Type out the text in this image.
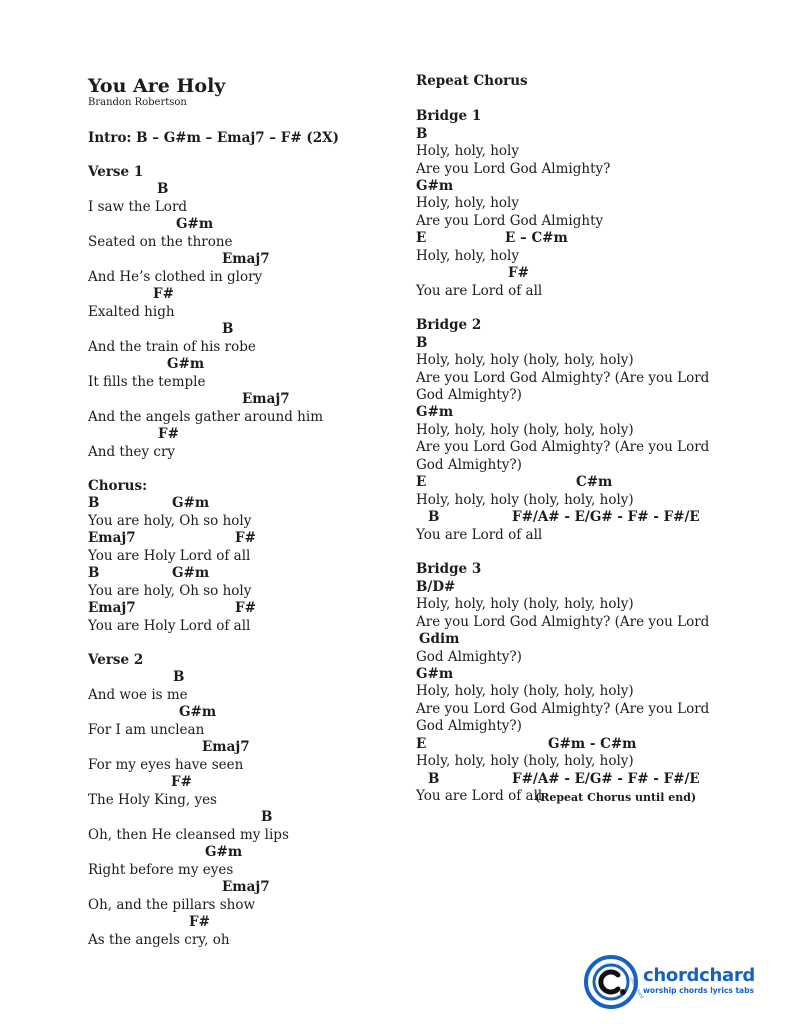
You Are Holy
Brandon Robertson
Intro: B – G#m – Emaj7 – F# (2X)
Verse 1
B
I saw the Lord
G#m
Seated on the throne
Emaj7
And He’s clothed in glory
F#
Exalted high
B
And the train of his robe
G#m
It fills the temple
Emaj7
And the angels gather around him
F#
And they cry
Chorus:
B	G#m
You are holy, Oh so holy
Emaj7	F#
You are Holy Lord of all
B	G#m
You are holy, Oh so holy
Emaj7	F#
You are Holy Lord of all
Verse 2
B
And woe is me
G#m
For I am unclean
Emaj7
For my eyes have seen
F#
The Holy King, yes
B
Oh, then He cleansed my lips
G#m
Right before my eyes
Emaj7
Oh, and the pillars show
F#
As the angels cry, oh
Repeat Chorus
Bridge 1
B
Holy, holy, holy
Are you Lord God Almighty?
G#m
Holy, holy, holy
Are you Lord God Almighty
E	E – C#m
Holy, holy, holy
F#
You are Lord of all
Bridge 2
B
Holy, holy, holy (holy, holy, holy)
Are you Lord God Almighty? (Are you Lord
God Almighty?)
G#m
Holy, holy, holy (holy, holy, holy)
Are you Lord God Almighty? (Are you Lord
God Almighty?)
E	C#m
Holy, holy, holy (holy, holy, holy)
B	F#/A# - E/G# - F# - F#/E
You are Lord of all
Bridge 3
B/D#
Holy, holy, holy (holy, holy, holy)
Are you Lord God Almighty? (Are you Lord
Gdim
God Almighty?)
G#m
Holy, holy, holy (holy, holy, holy)
Are you Lord God Almighty? (Are you Lord
God Almighty?)
E	G#m - C#m
Holy, holy, holy (holy, holy, holy)
B	F#/A# - E/G# - F# - F#/E
You are Lord of all
(Repeat Chorus until end)
chordchard
chordchard
worship chords lyrics tabs
